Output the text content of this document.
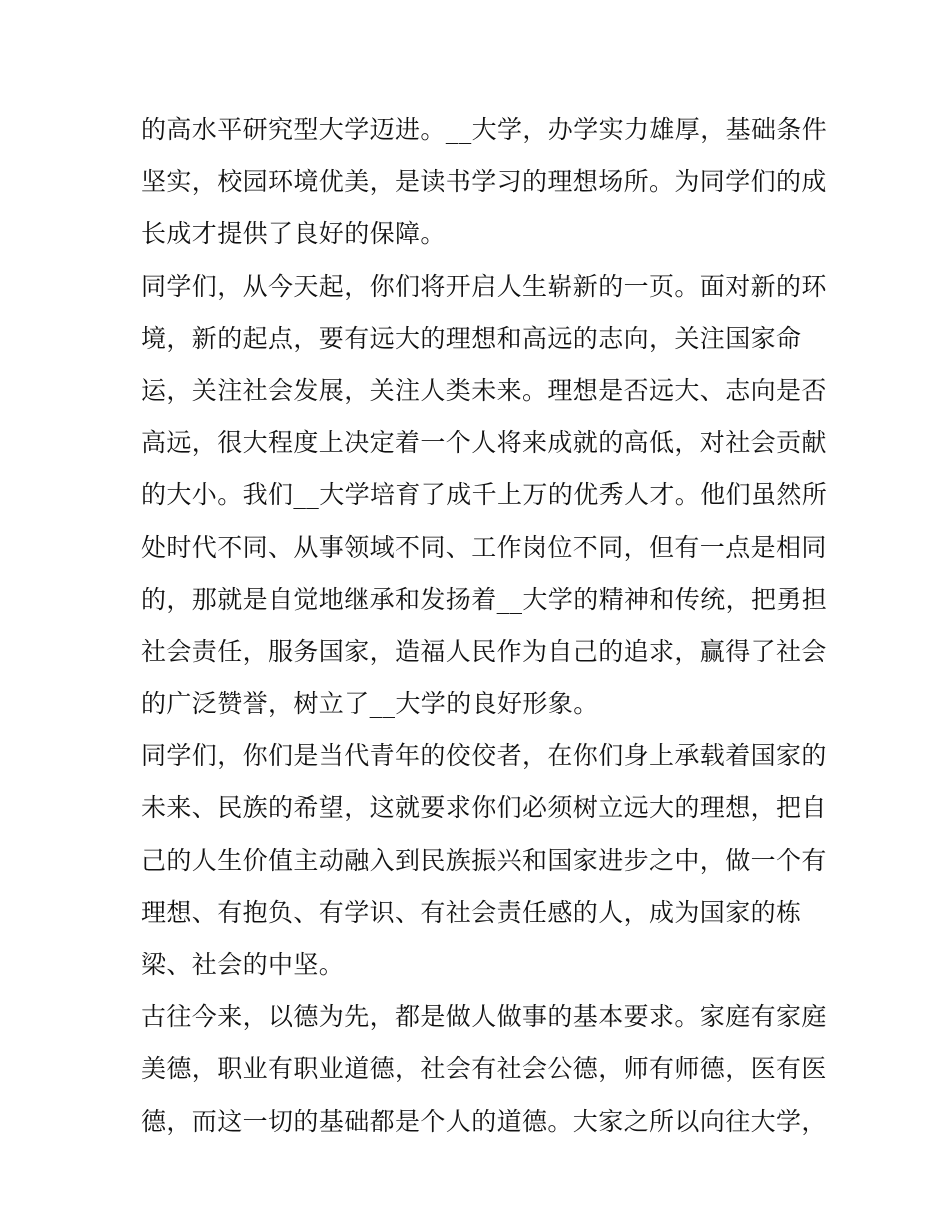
的高水平研究型大学迈进。__大学，办学实力雄厚，基础条件
坚实，校园环境优美，是读书学习的理想场所。为同学们的成
长成才提供了良好的保障。
同学们，从今天起，你们将开启人生崭新的一页。面对新的环
境，新的起点，要有远大的理想和高远的志向，关注国家命
运，关注社会发展，关注人类未来。理想是否远大、志向是否
高远，很大程度上决定着一个人将来成就的高低，对社会贡献
的大小。我们__大学培育了成千上万的优秀人才。他们虽然所
处时代不同、从事领域不同、工作岗位不同，但有一点是相同
的，那就是自觉地继承和发扬着__大学的精神和传统，把勇担
社会责任，服务国家，造福人民作为自己的追求，赢得了社会
的广泛赞誉，树立了__大学的良好形象。
同学们，你们是当代青年的佼佼者，在你们身上承载着国家的
未来、民族的希望，这就要求你们必须树立远大的理想，把自
己的人生价值主动融入到民族振兴和国家进步之中，做一个有
理想、有抱负、有学识、有社会责任感的人，成为国家的栋
梁、社会的中坚。
古往今来，以德为先，都是做人做事的基本要求。家庭有家庭
美德，职业有职业道德，社会有社会公德，师有师德，医有医
德，而这一切的基础都是个人的道德。大家之所以向往大学，
